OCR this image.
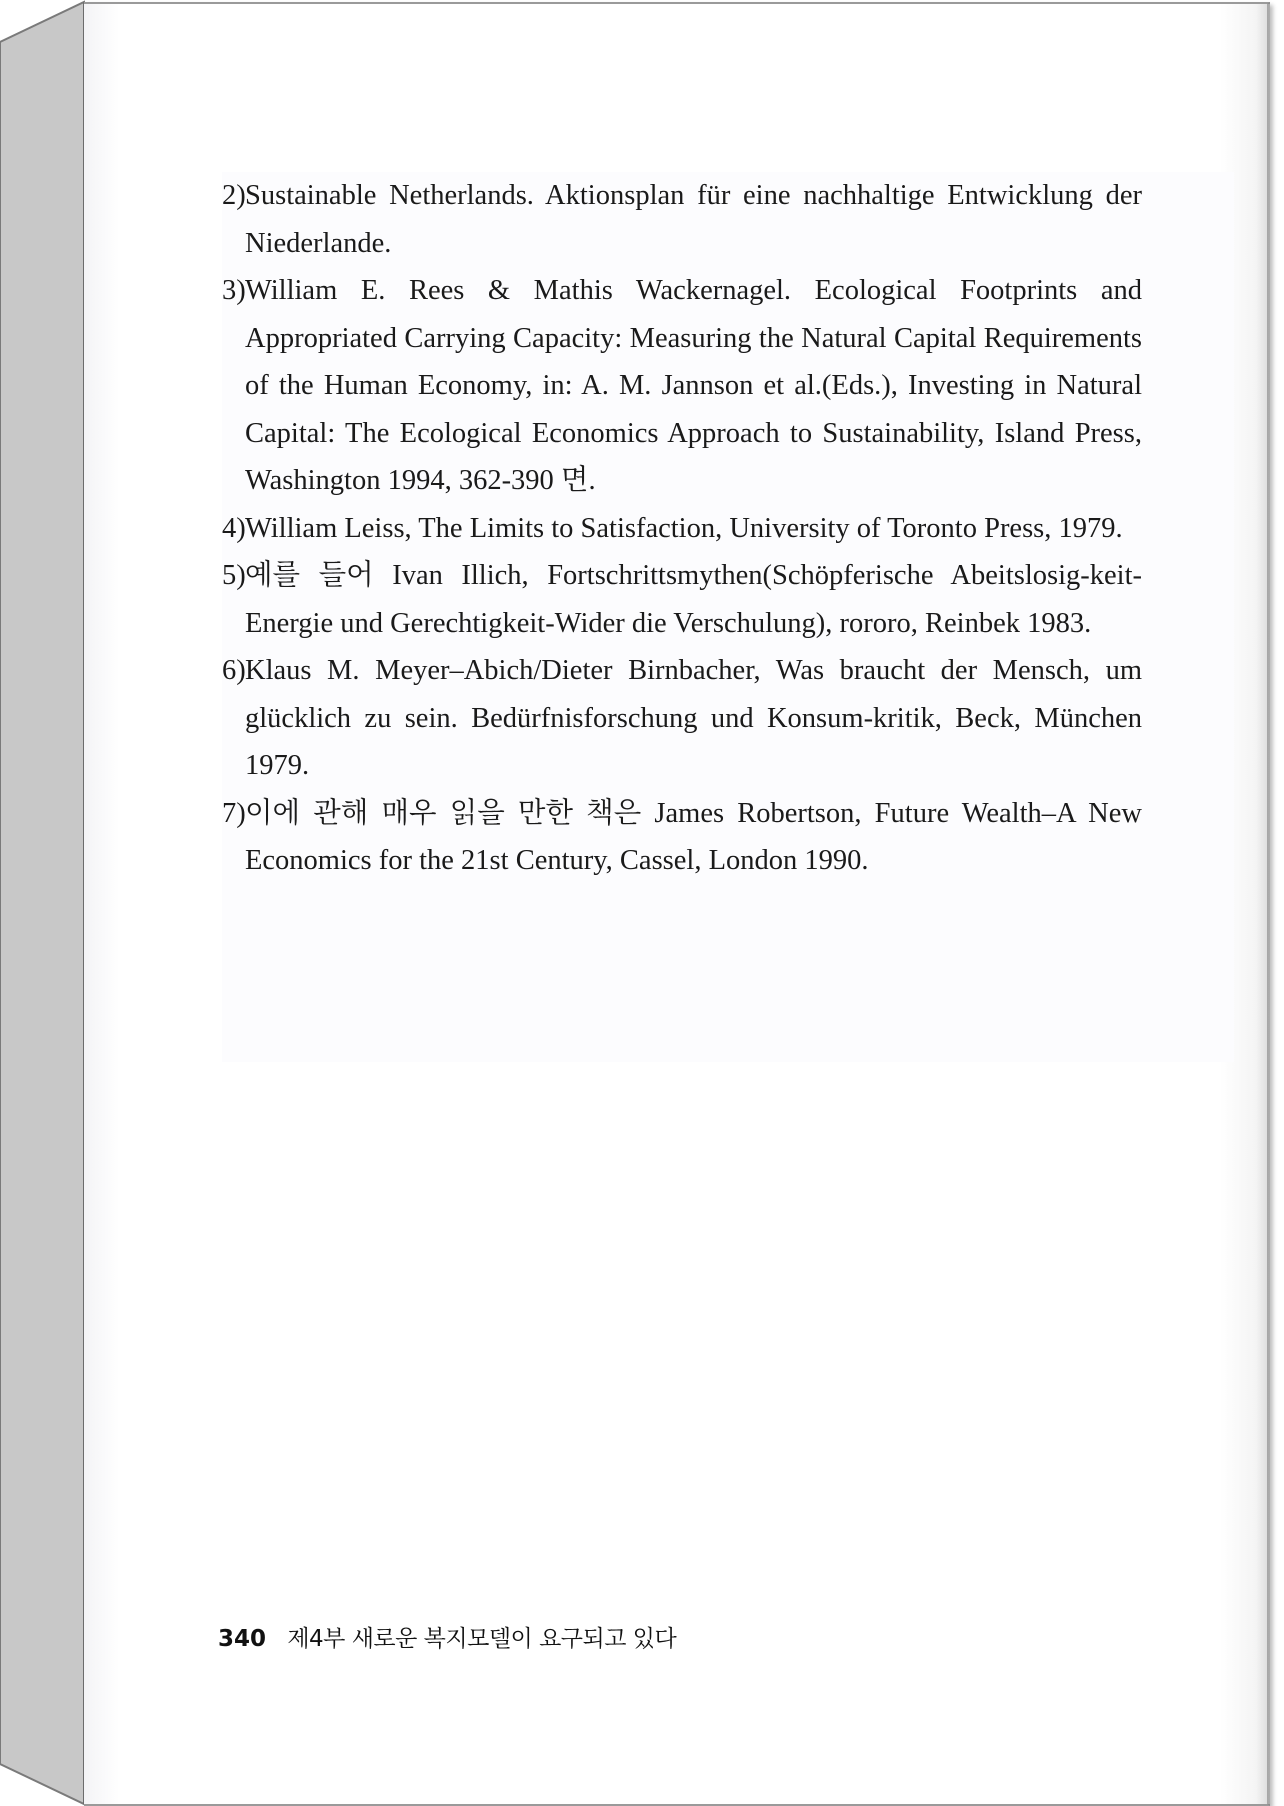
2) Sustainable Netherlands. Aktionsplan für eine nachhaltige Entwicklung der Niederlande.
3) William E. Rees & Mathis Wackernagel. Ecological Footprints and Appropriated Carrying Capacity: Measuring the Natural Capital Requirements of the Human Economy, in: A. M. Jannson et al.(Eds.), Investing in Natural Capital: The Ecological Economics Approach to Sustainability, Island Press, Washington 1994, 362-390 면.
4) William Leiss, The Limits to Satisfaction, University of Toronto Press, 1979.
5) 예를 들어 Ivan Illich, Fortschrittsmythen(Schöpferische Abeitslosig-keit-Energie und Gerechtigkeit-Wider die Verschulung), rororo, Reinbek 1983.
6) Klaus M. Meyer–Abich/Dieter Birnbacher, Was braucht der Mensch, um glücklich zu sein. Bedürfnisforschung und Konsum-kritik, Beck, München 1979.
7) 이에 관해 매우 읽을 만한 책은 James Robertson, Future Wealth–A New Economics for the 21st Century, Cassel, London 1990.
340 제4부 새로운 복지모델이 요구되고 있다
